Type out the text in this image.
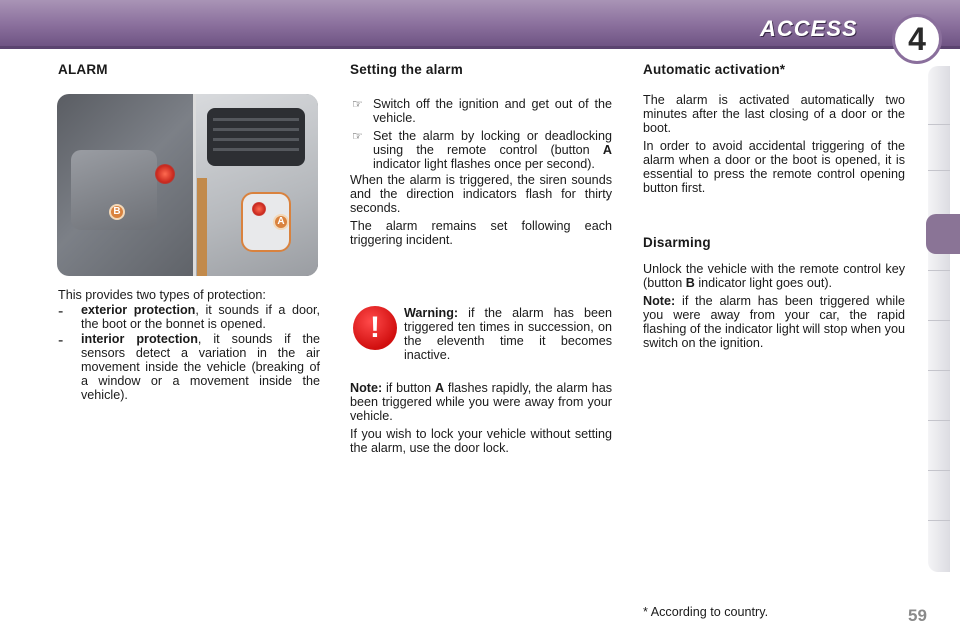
ACCESS	4
ALARM
B
A

This provides two types of protection:

- exterior protection, it sounds if a door, the boot or the bonnet is opened.

- interior protection, it sounds if the sensors detect a variation in the air movement inside the vehicle (breaking of a window or a movement inside the vehicle).

Setting the alarm
☞ Switch off the ignition and get out of the vehicle.

☞ Set the alarm by locking or deadlocking using the remote control (button A indicator light flashes once per second).

When the alarm is triggered, the siren sounds and the direction indicators flash for thirty seconds.

The alarm remains set following each triggering incident.

!	Warning: if the alarm has been triggered ten times in succession, on the eleventh time it becomes inactive.

Note: if button A flashes rapidly, the alarm has been triggered while you were away from your vehicle.

If you wish to lock your vehicle without setting the alarm, use the door lock.

Automatic activation*

The alarm is activated automatically two minutes after the last closing of a door or the boot.

In order to avoid accidental triggering of the alarm when a door or the boot is opened, it is essential to press the remote control opening button first.

Disarming

Unlock the vehicle with the remote control key (button B indicator light goes out).

Note: if the alarm has been triggered while you were away from your car, the rapid flashing of the indicator light will stop when you switch on the ignition.

* According to country.	59
